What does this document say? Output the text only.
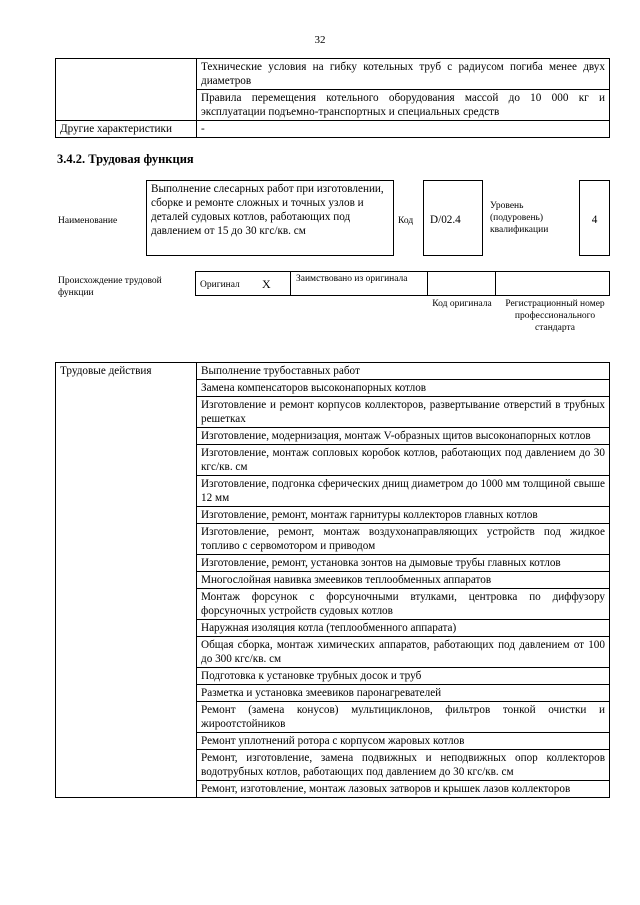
32
	Технические условия на гибку котельных труб с радиусом погиба менее двух диаметров
	Правила перемещения котельного оборудования массой до 10 000 кг и эксплуатации подъемно-транспортных и специальных средств
Другие характеристики	-
3.4.2. Трудовая функция
Наименование
Выполнение слесарных работ при изготовлении, сборке и ремонте сложных и точных узлов и деталей судовых котлов, работающих под давлением от 15 до 30 кгс/кв. см
Код	D/02.4
Уровень (подуровень) квалификации
4
Происхождение трудовой функции
Оригинал X	Заимствовано из оригинала
Код оригинала Регистрационный номер профессионального стандарта
Трудовые действия	Выполнение трубоставных работ
Замена компенсаторов высоконапорных котлов
Изготовление и ремонт корпусов коллекторов, развертывание отверстий в трубных решетках
Изготовление, модернизация, монтаж V-образных щитов высоконапорных котлов
Изготовление, монтаж сопловых коробок котлов, работающих под давлением до 30 кгс/кв. см
Изготовление, подгонка сферических днищ диаметром до 1000 мм толщиной свыше 12 мм
Изготовление, ремонт, монтаж гарнитуры коллекторов главных котлов
Изготовление, ремонт, монтаж воздухонаправляющих устройств под жидкое топливо с сервомотором и приводом
Изготовление, ремонт, установка зонтов на дымовые трубы главных котлов
Многослойная навивка змеевиков теплообменных аппаратов
Монтаж форсунок с форсуночными втулками, центровка по диффузору форсуночных устройств судовых котлов
Наружная изоляция котла (теплообменного аппарата)
Общая сборка, монтаж химических аппаратов, работающих под давлением от 100 до 300 кгс/кв. см
Подготовка к установке трубных досок и труб
Разметка и установка змеевиков паронагревателей
Ремонт (замена конусов) мультициклонов, фильтров тонкой очистки и жироотстойников
Ремонт уплотнений ротора с корпусом жаровых котлов
Ремонт, изготовление, замена подвижных и неподвижных опор коллекторов водотрубных котлов, работающих под давлением до 30 кгс/кв. см
Ремонт, изготовление, монтаж лазовых затворов и крышек лазов коллекторов
